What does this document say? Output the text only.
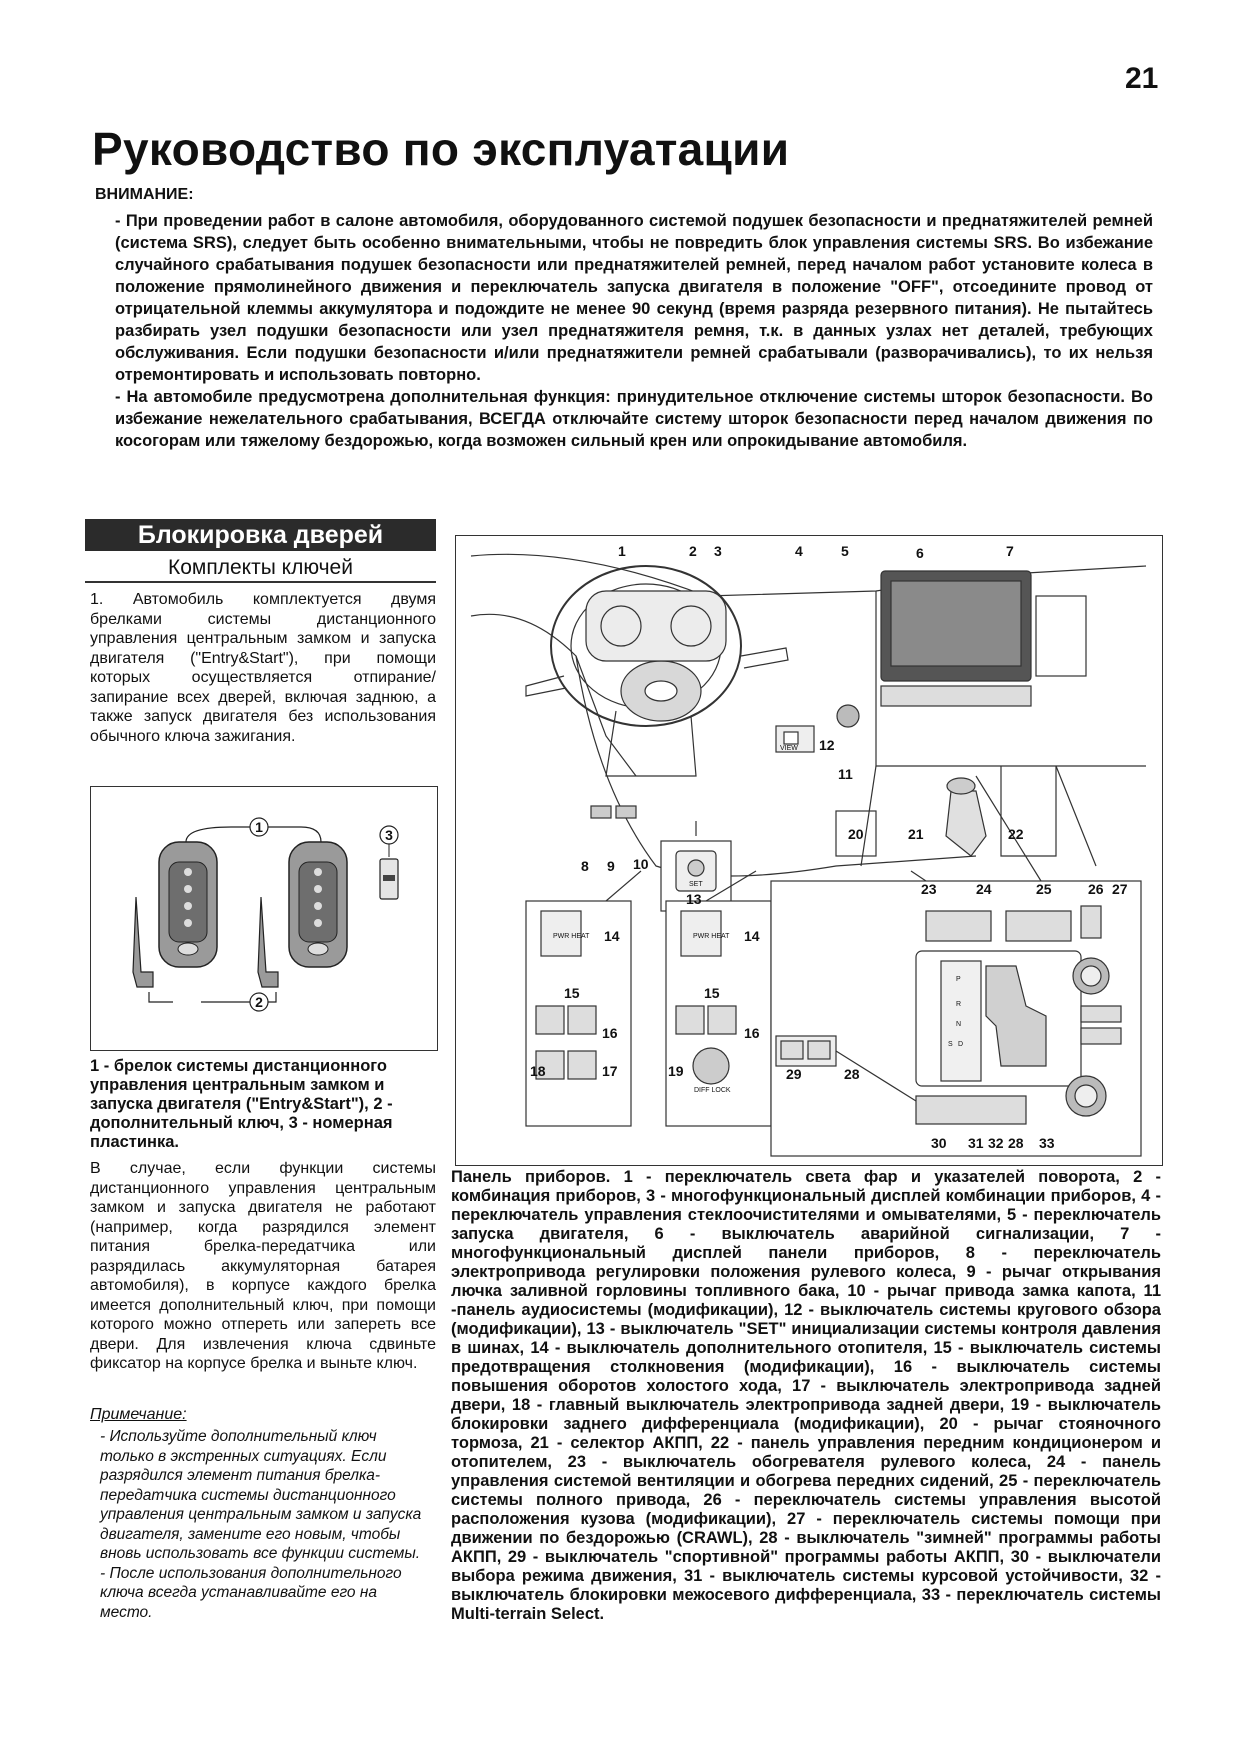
21
Руководство по эксплуатации
ВНИМАНИЕ:

- При проведении работ в салоне автомобиля, оборудованного системой подушек безопасности и преднатяжителей ремней (система SRS), следует быть особенно внимательными, чтобы не повредить блок управления системы SRS. Во избежание случайного срабатывания подушек безопасности или преднатяжителей ремней, перед началом работ установите колеса в положение прямолинейного движения и переключатель запуска двигателя в положение "OFF", отсоедините провод от отрицательной клеммы аккумулятора и подождите не менее 90 секунд (время разряда резервного питания). Не пытайтесь разбирать узел подушки безопасности или узел преднатяжителя ремня, т.к. в данных узлах нет деталей, требующих обслуживания. Если подушки безопасности и/или преднатяжители ремней срабатывали (разворачивались), то их нельзя отремонтировать и использовать повторно.

- На автомобиле предусмотрена дополнительная функция: принудительное отключение системы шторок безопасности. Во избежание нежелательного срабатывания, ВСЕГДА отключайте систему шторок безопасности перед началом движения по косогорам или тяжелому бездорожью, когда возможен сильный крен или опрокидывание автомобиля.

Блокировка дверей
Комплекты ключей

1. Автомобиль комплектуется двумя брелками системы дистанционного управления центральным замком и запуска двигателя ("Entry&Start"), при помощи которых осуществляется отпирание/запирание всех дверей, включая заднюю, а также запуск двигателя без использования обычного ключа зажигания.

1
2
3
1 - брелок системы дистанционного управления центральным замком и запуска двигателя ("Entry&Start"), 2 - дополнительный ключ, 3 - номерная пластинка.

В случае, если функции системы дистанционного управления центральным замком и запуска двигателя не работают (например, когда разрядился элемент питания брелка-передатчика или разрядилась аккумуляторная батарея автомобиля), в корпусе каждого брелка имеется дополнительный ключ, при помощи которого можно отпереть или запереть все двери. Для извлечения ключа сдвиньте фиксатор на корпусе брелка и выньте ключ.

Примечание:

- Используйте дополнительный ключ только в экстренных ситуациях. Если разрядился элемент питания брелка-передатчика системы дистанционного управления центральным замком и запуска двигателя, замените его новым, чтобы вновь использовать все функции системы.

- После использования дополнительного ключа всегда устанавливайте его на место.

PWR HEAT	PWR HEAT
SET
VIEW
DIFF LOCK
P
R
N
S D
1	2 3	4	5	6	7
8 9 10
11
12
13
14	14
15	15
16	16
17
18	19
20	21	22
23	24	25	26 27
28
29
30 31 32 28 33
Панель приборов. 1 - переключатель света фар и указателей поворота, 2 - комбинация приборов, 3 - многофункциональный дисплей комбинации приборов, 4 - переключатель управления стеклоочистителями и омывателями, 5 - переключатель запуска двигателя, 6 - выключатель аварийной сигнализации, 7 - многофункциональный дисплей панели приборов, 8 - переключатель электропривода регулировки положения рулевого колеса, 9 - рычаг открывания лючка заливной горловины топливного бака, 10 - рычаг привода замка капота, 11 -панель аудиосистемы (модификации), 12 - выключатель системы кругового обзора (модификации), 13 - выключатель "SET" инициализации системы контроля давления в шинах, 14 - выключатель дополнительного отопителя, 15 - выключатель системы предотвращения столкновения (модификации), 16 - выключатель системы повышения оборотов холостого хода, 17 - выключатель электропривода задней двери, 18 - главный выключатель электропривода задней двери, 19 - выключатель блокировки заднего дифференциала (модификации), 20 - рычаг стояночного тормоза, 21 - селектор АКПП, 22 - панель управления передним кондиционером и отопителем, 23 - выключатель обогревателя рулевого колеса, 24 - панель управления системой вентиляции и обогрева передних сидений, 25 - переключатель системы полного привода, 26 - переключатель системы управления высотой расположения кузова (модификации), 27 - переключатель системы помощи при движении по бездорожью (CRAWL), 28 - выключатель "зимней" программы работы АКПП, 29 - выключатель "спортивной" программы работы АКПП, 30 - выключатели выбора режима движения, 31 - выключатель системы курсовой устойчивости, 32 - выключатель блокировки межосевого дифференциала, 33 - переключатель системы Multi-terrain Select.
